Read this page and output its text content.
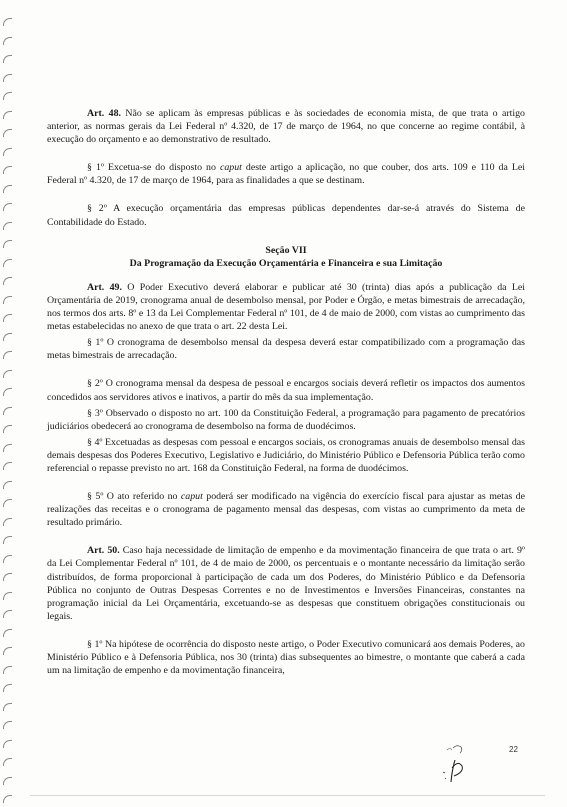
Art. 48. Não se aplicam às empresas públicas e às sociedades de economia mista, de que trata o artigo anterior, as normas gerais da Lei Federal nº 4.320, de 17 de março de 1964, no que concerne ao regime contábil, à execução do orçamento e ao demonstrativo de resultado.

§ 1º Excetua-se do disposto no caput deste artigo a aplicação, no que couber, dos arts. 109 e 110 da Lei Federal nº 4.320, de 17 de março de 1964, para as finalidades a que se destinam.

§ 2º A execução orçamentária das empresas públicas dependentes dar-se-á através do Sistema de Contabilidade do Estado.

Seção VII

Da Programação da Execução Orçamentária e Financeira e sua Limitação

Art. 49. O Poder Executivo deverá elaborar e publicar até 30 (trinta) dias após a publicação da Lei Orçamentária de 2019, cronograma anual de desembolso mensal, por Poder e Órgão, e metas bimestrais de arrecadação, nos termos dos arts. 8º e 13 da Lei Complementar Federal nº 101, de 4 de maio de 2000, com vistas ao cumprimento das metas estabelecidas no anexo de que trata o art. 22 desta Lei.

§ 1º O cronograma de desembolso mensal da despesa deverá estar compatibilizado com a programação das metas bimestrais de arrecadação.

§ 2º O cronograma mensal da despesa de pessoal e encargos sociais deverá refletir os impactos dos aumentos concedidos aos servidores ativos e inativos, a partir do mês da sua implementação.

§ 3º Observado o disposto no art. 100 da Constituição Federal, a programação para pagamento de precatórios judiciários obedecerá ao cronograma de desembolso na forma de duodécimos.

§ 4º Excetuadas as despesas com pessoal e encargos sociais, os cronogramas anuais de desembolso mensal das demais despesas dos Poderes Executivo, Legislativo e Judiciário, do Ministério Público e Defensoria Pública terão como referencial o repasse previsto no art. 168 da Constituição Federal, na forma de duodécimos.

§ 5º O ato referido no caput poderá ser modificado na vigência do exercício fiscal para ajustar as metas de realizações das receitas e o cronograma de pagamento mensal das despesas, com vistas ao cumprimento da meta de resultado primário.

Art. 50. Caso haja necessidade de limitação de empenho e da movimentação financeira de que trata o art. 9º da Lei Complementar Federal nº 101, de 4 de maio de 2000, os percentuais e o montante necessário da limitação serão distribuídos, de forma proporcional à participação de cada um dos Poderes, do Ministério Público e da Defensoria Pública no conjunto de Outras Despesas Correntes e no de Investimentos e Inversões Financeiras, constantes na programação inicial da Lei Orçamentária, excetuando-se as despesas que constituem obrigações constitucionais ou legais.

§ 1º Na hipótese de ocorrência do disposto neste artigo, o Poder Executivo comunicará aos demais Poderes, ao Ministério Público e à Defensoria Pública, nos 30 (trinta) dias subsequentes ao bimestre, o montante que caberá a cada um na limitação de empenho e da movimentação financeira,

22
